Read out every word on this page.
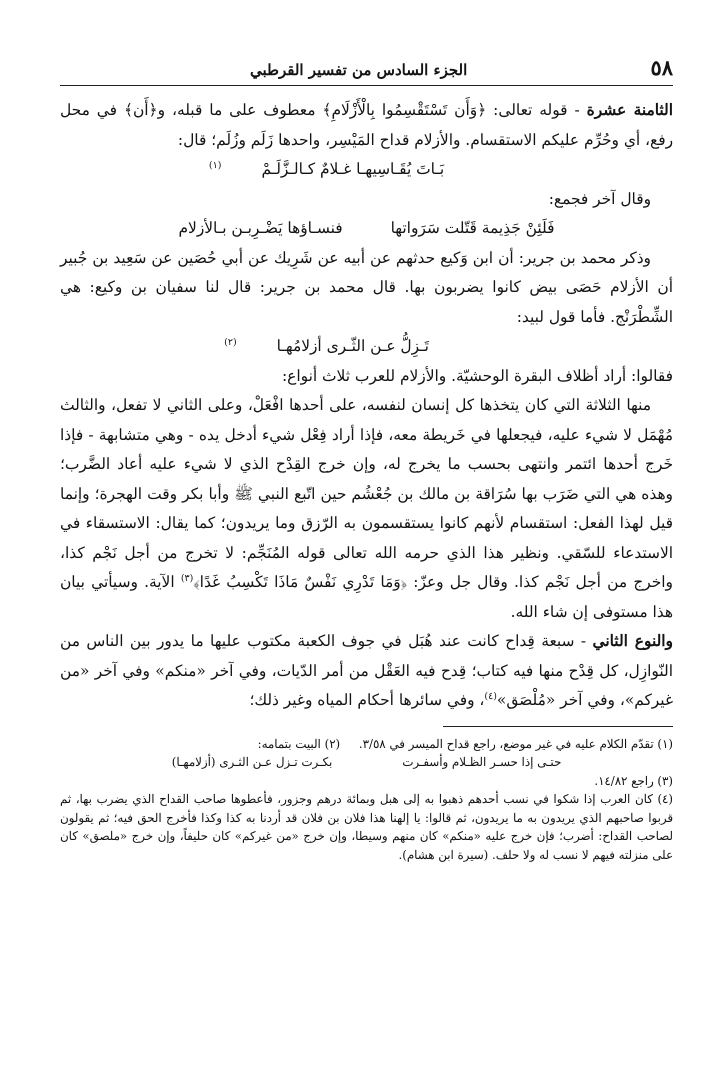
٥٨
الجزء السادس من تفسير القرطبي

الثامنة عشرة - قوله تعالى: ﴿وَأَن تَسْتَقْسِمُوا بِالْأَزْلَامِ﴾ معطوف على ما قبله، و﴿أَن﴾ في محل رفع، أي وحُرِّم عليكم الاستقسام. والأزلام قداح المَيْسِر، واحدها زَلَم وزُلَم؛ قال:

بَـاتَ يُقَـاسِيهـا غـلامٌ كـالـزَّلَـمْ$^{(١)}$

وقال آخر فجمع:

فَلَئِنْ جَذِيمة قَتّلت سَرَواتها
فنسـاؤها يَضْـرِبـن بـالأزلام

وذكر محمد بن جرير: أن ابن وَكيع حدثهم عن أبيه عن شَرِيك عن أبي حُصَين عن سَعِيد بن جُبير أن الأزلام حَصَى بيض كانوا يضربون بها. قال محمد بن جرير: قال لنا سفيان بن وكيع: هي الشِّطْرَنْج. فأما قول لبيد:

تَـزِلُّ عـن الثّـرى أزلامُهـا$^{(٢)}$

فقالوا: أراد أظلاف البقرة الوحشيّة. والأزلام للعرب ثلاث أنواع:

منها الثلاثة التي كان يتخذها كل إنسان لنفسه، على أحدها افْعَلْ، وعلى الثاني لا تفعل، والثالث مُهْمَل لا شيء عليه، فيجعلها في خَريطة معه، فإذا أراد فِعْل شيء أدخل يده - وهي متشابهة - فإذا خَرج أحدها ائتمر وانتهى بحسب ما يخرج له، وإن خرج القِدْح الذي لا شيء عليه أعاد الضَّرب؛ وهذه هي التي ضَرَب بها سُرَاقة بن مالك بن جُعْشُم حين اتّبع النبي ﷺ وأبا بكر وقت الهجرة؛ وإنما قيل لهذا الفعل: استقسام لأنهم كانوا يستقسمون به الرّزق وما يريدون؛ كما يقال: الاستسقاء في الاستدعاء للسّقي. ونظير هذا الذي حرمه الله تعالى قوله المُنَجِّم: لا تخرج من أجل نَجْم كذا، واخرج من أجل نَجْم كذا. وقال جل وعزّ: ﴿وَمَا تَدْرِي نَفْسٌ مَاذَا تَكْسِبُ غَدًا﴾$^{(٣)}$ الآية. وسيأتي بيان هذا مستوفى إن شاء الله.

والنوع الثاني - سبعة قِداح كانت عند هُبَل في جوف الكعبة مكتوب عليها ما يدور بين الناس من النّوازِل، كل قِدْح منها فيه كتاب؛ قِدح فيه العَقْل من أمر الدّيات، وفي آخر «منكم» وفي آخر «من غيركم»، وفي آخر «مُلْصَق»$^{(٤)}$، وفي سائرها أحكام المياه وغير ذلك؛

(١) تقدّم الكلام عليه في غير موضع، راجع قداح الميسر في ٣/٥٨.     (٢) البيت بتمامه:

حتـى إذا حسـر الظـلام وأسفـرت
بكـرت تـزل عـن الثـرى (أزلامهـا)

(٣) راجع ١٤/٨٢.

(٤) كان العرب إذا شكوا في نسب أحدهم ذهبوا به إلى هبل وبمائة درهم وجزور، فأعطوها صاحب القداح الذي يضرب بها، ثم قربوا صاحبهم الذي يريدون به ما يريدون، ثم قالوا: يا إلهنا هذا فلان بن فلان قد أردنا به كذا وكذا فأخرج الحق فيه؛ ثم يقولون لصاحب القداح: أضرب؛ فإن خرج عليه «منكم» كان منهم وسيطا، وإن خرج «من غيركم» كان حليفاً، وإن خرج «ملصق» كان على منزلته فيهم لا نسب له ولا حلف. (سيرة ابن هشام).
